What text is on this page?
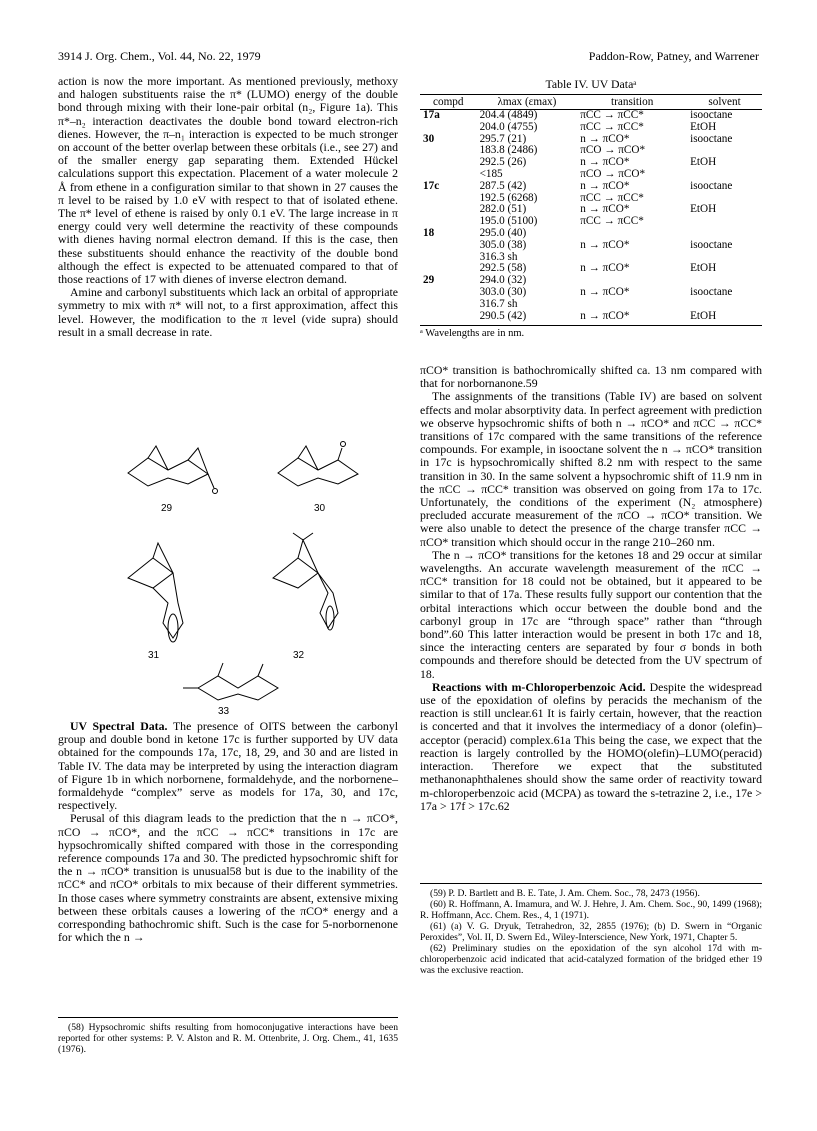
3914 J. Org. Chem., Vol. 44, No. 22, 1979	Paddon-Row, Patney, and Warrener

action is now the more important. As mentioned previously, methoxy and halogen substituents raise the π* (LUMO) energy of the double bond through mixing with their lone-pair orbital (n₂, Figure 1a). This π*–n₂ interaction deactivates the double bond toward electron-rich dienes. However, the π–n₁ interaction is expected to be much stronger on account of the better overlap between these orbitals (i.e., see 27) and of the smaller energy gap separating them. Extended Hückel calculations support this expectation. Placement of a water molecule 2 Å from ethene in a configuration similar to that shown in 27 causes the π level to be raised by 1.0 eV with respect to that of isolated ethene. The π* level of ethene is raised by only 0.1 eV. The large increase in π energy could very well determine the reactivity of these compounds with dienes having normal electron demand. If this is the case, then these substituents should enhance the reactivity of the double bond although the effect is expected to be attenuated compared to that of those reactions of 17 with dienes of inverse electron demand.

Amine and carbonyl substituents which lack an orbital of appropriate symmetry to mix with π* will not, to a first approximation, affect this level. However, the modification to the π level (vide supra) should result in a small decrease in rate.

29	30
31	32
33

UV Spectral Data. The presence of OITS between the carbonyl group and double bond in ketone 17c is further supported by UV data obtained for the compounds 17a, 17c, 18, 29, and 30 and are listed in Table IV. The data may be interpreted by using the interaction diagram of Figure 1b in which norbornene, formaldehyde, and the norbornene–formaldehyde “complex” serve as models for 17a, 30, and 17c, respectively.

Perusal of this diagram leads to the prediction that the n → πCO*, πCO → πCO*, and the πCC → πCC* transitions in 17c are hypsochromically shifted compared with those in the corresponding reference compounds 17a and 30. The predicted hypsochromic shift for the n → πCO* transition is unusual58 but is due to the inability of the πCC* and πCO* orbitals to mix because of their different symmetries. In those cases where symmetry constraints are absent, extensive mixing between these orbitals causes a lowering of the πCO* energy and a corresponding bathochromic shift. Such is the case for 5-norbornenone for which the n →

Table IV. UV Dataᵃ
compd	λmax (εmax)	transition	solvent
17a	204.4 (4849)	πCC → πCC*	isooctane
	204.0 (4755)	πCC → πCC*	EtOH
30	295.7 (21)	n → πCO*	isooctane
	183.8 (2486)	πCO → πCO*	
	292.5 (26)	n → πCO*	EtOH
	<185	πCO → πCO*	
17c	287.5 (42)	n → πCO*	isooctane
	192.5 (6268)	πCC → πCC*	
	282.0 (51)	n → πCO*	EtOH
	195.0 (5100)	πCC → πCC*	
18	295.0 (40)		
	305.0 (38)	n → πCO*	isooctane
	316.3 sh		
	292.5 (58)	n → πCO*	EtOH
29	294.0 (32)		
	303.0 (30)	n → πCO*	isooctane
	316.7 sh		
	290.5 (42)	n → πCO*	EtOH
ᵃ Wavelengths are in nm.

πCO* transition is bathochromically shifted ca. 13 nm compared with that for norbornanone.59

The assignments of the transitions (Table IV) are based on solvent effects and molar absorptivity data. In perfect agreement with prediction we observe hypsochromic shifts of both n → πCO* and πCC → πCC* transitions of 17c compared with the same transitions of the reference compounds. For example, in isooctane solvent the n → πCO* transition in 17c is hypsochromically shifted 8.2 nm with respect to the same transition in 30. In the same solvent a hypsochromic shift of 11.9 nm in the πCC → πCC* transition was observed on going from 17a to 17c. Unfortunately, the conditions of the experiment (N₂ atmosphere) precluded accurate measurement of the πCO → πCO* transition. We were also unable to detect the presence of the charge transfer πCC → πCO* transition which should occur in the range 210–260 nm.

The n → πCO* transitions for the ketones 18 and 29 occur at similar wavelengths. An accurate wavelength measurement of the πCC → πCC* transition for 18 could not be obtained, but it appeared to be similar to that of 17a. These results fully support our contention that the orbital interactions which occur between the double bond and the carbonyl group in 17c are “through space” rather than “through bond”.60 This latter interaction would be present in both 17c and 18, since the interacting centers are separated by four σ bonds in both compounds and therefore should be detected from the UV spectrum of 18.

Reactions with m-Chloroperbenzoic Acid. Despite the widespread use of the epoxidation of olefins by peracids the mechanism of the reaction is still unclear.61 It is fairly certain, however, that the reaction is concerted and that it involves the intermediacy of a donor (olefin)–acceptor (peracid) complex.61a This being the case, we expect that the reaction is largely controlled by the HOMO(olefin)–LUMO(peracid) interaction. Therefore we expect that the substituted methanonaphthalenes should show the same order of reactivity toward m-chloroperbenzoic acid (MCPA) as toward the s-tetrazine 2, i.e., 17e > 17a > 17f > 17c.62

(59) P. D. Bartlett and B. E. Tate, J. Am. Chem. Soc., 78, 2473 (1956).

(60) R. Hoffmann, A. Imamura, and W. J. Hehre, J. Am. Chem. Soc., 90, 1499 (1968); R. Hoffmann, Acc. Chem. Res., 4, 1 (1971).

(61) (a) V. G. Dryuk, Tetrahedron, 32, 2855 (1976); (b) D. Swern in “Organic Peroxides”, Vol. II, D. Swern Ed., Wiley-Interscience, New York, 1971, Chapter 5.

(62) Preliminary studies on the epoxidation of the syn alcohol 17d with m-chloroperbenzoic acid indicated that acid-catalyzed formation of the bridged ether 19 was the exclusive reaction.

(58) Hypsochromic shifts resulting from homoconjugative interactions have been reported for other systems: P. V. Alston and R. M. Ottenbrite, J. Org. Chem., 41, 1635 (1976).
